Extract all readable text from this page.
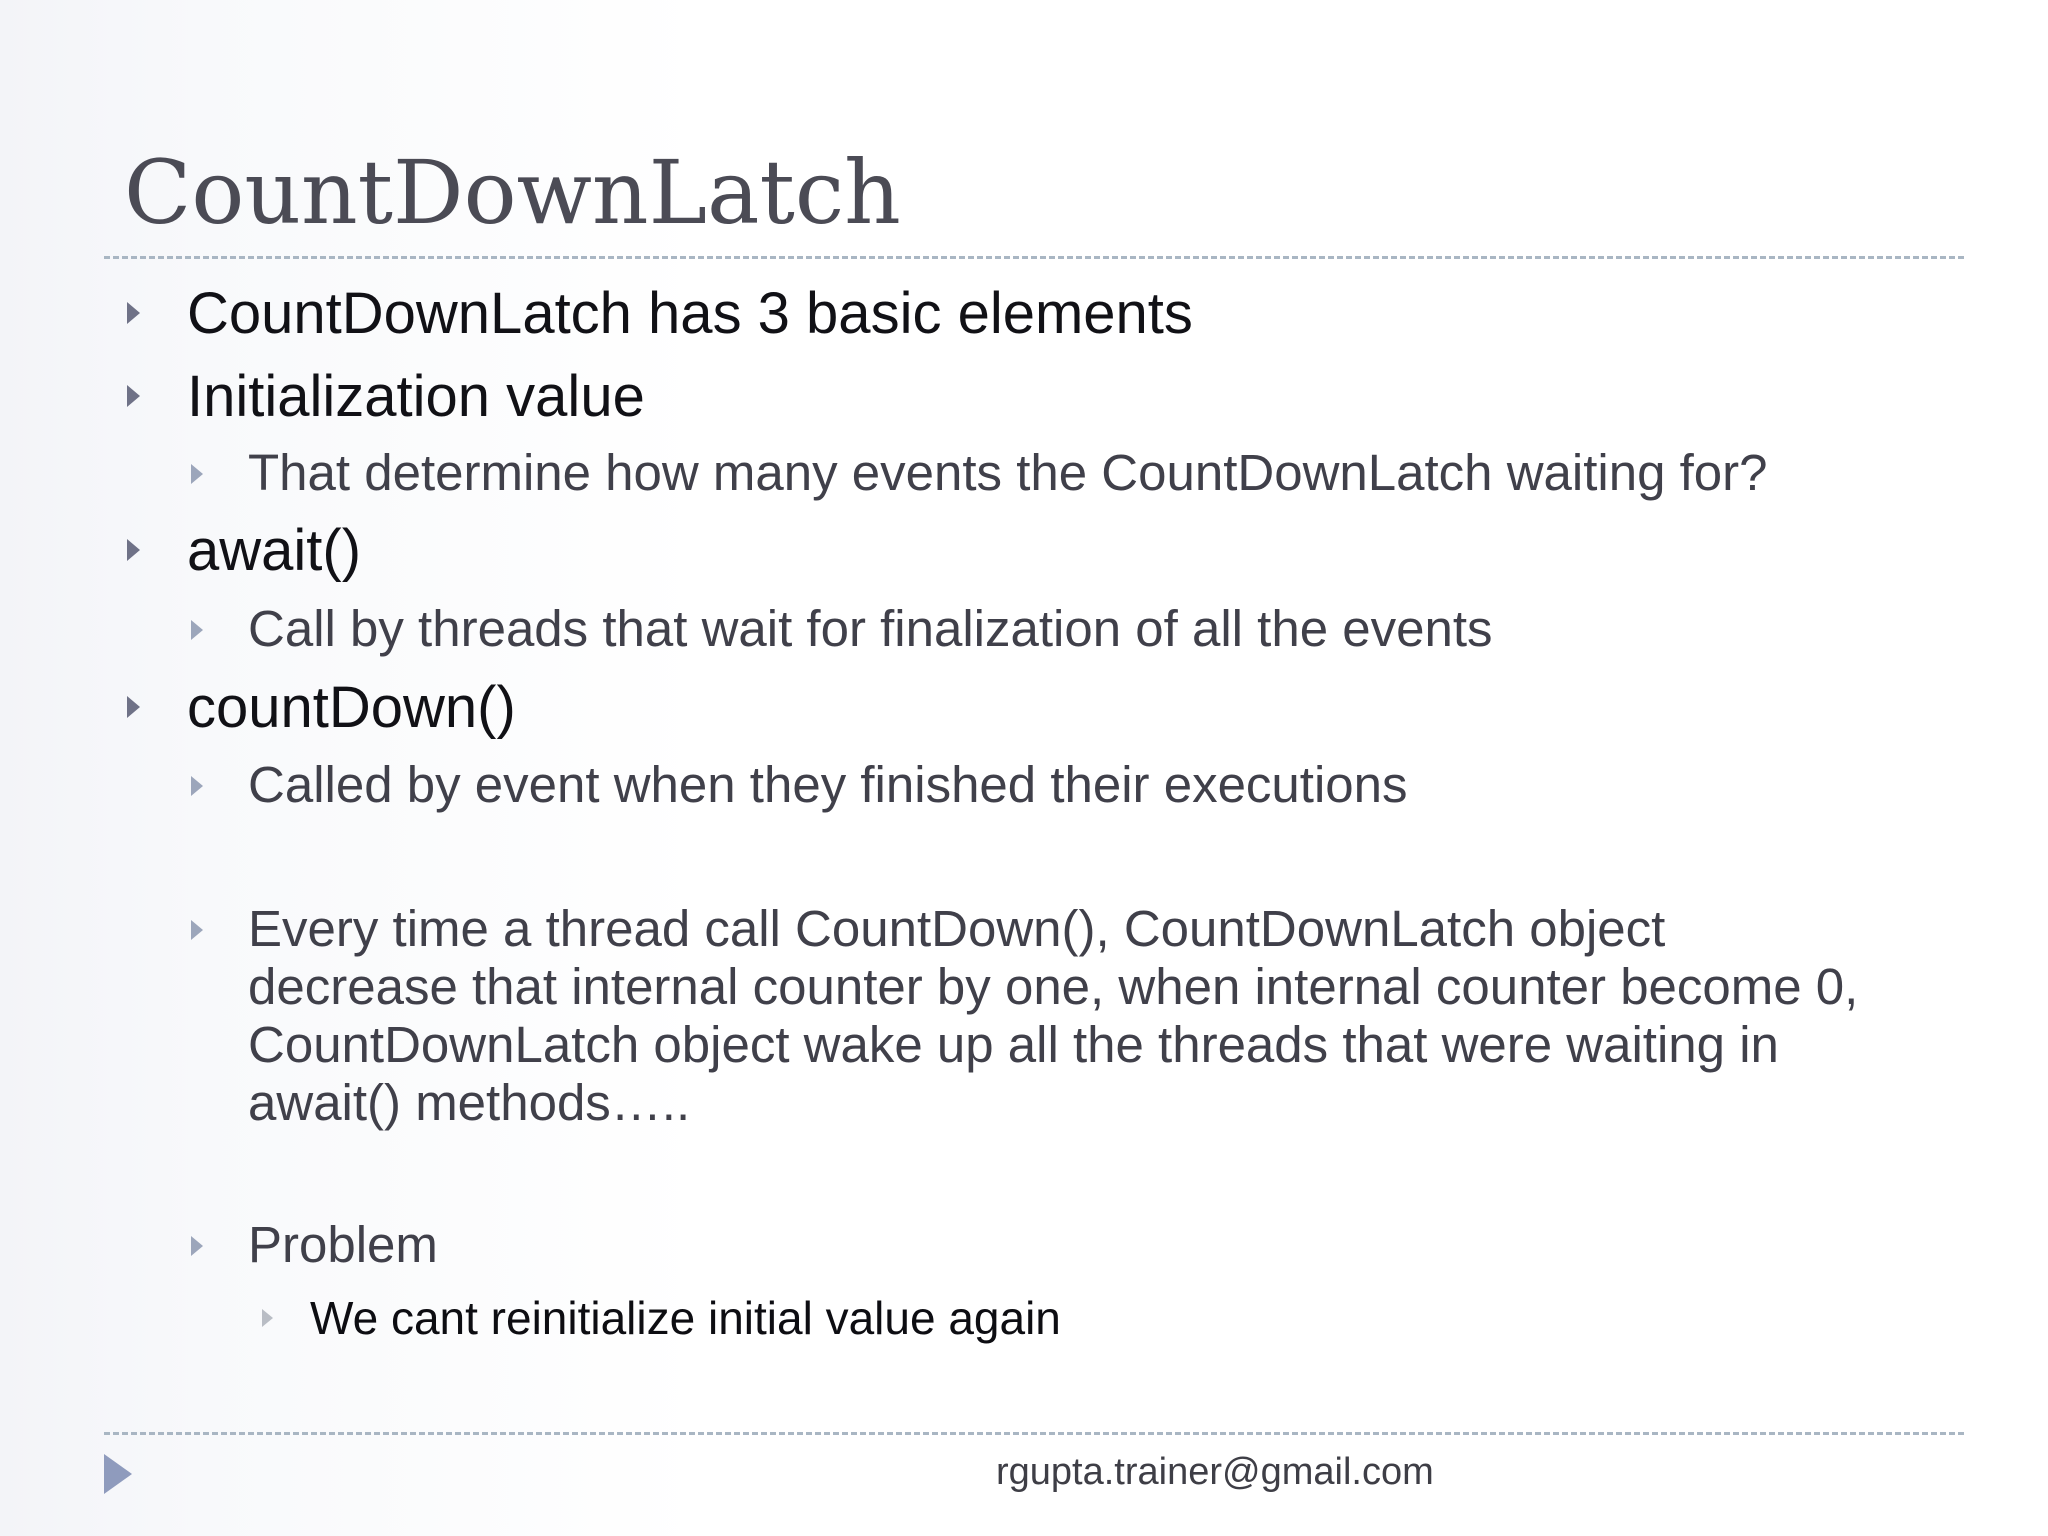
CountDownLatch
CountDownLatch has 3 basic elements
Initialization value
That determine how many events the CountDownLatch waiting for?
await()
Call by threads that wait for finalization of all the events
countDown()
Called by event when they finished their executions
Every time a thread call CountDown(), CountDownLatch object decrease that internal counter by one, when internal counter become 0, CountDownLatch object wake up all the threads that were waiting in await() methods…..
Problem
We cant reinitialize initial value again
rgupta.trainer@gmail.com
